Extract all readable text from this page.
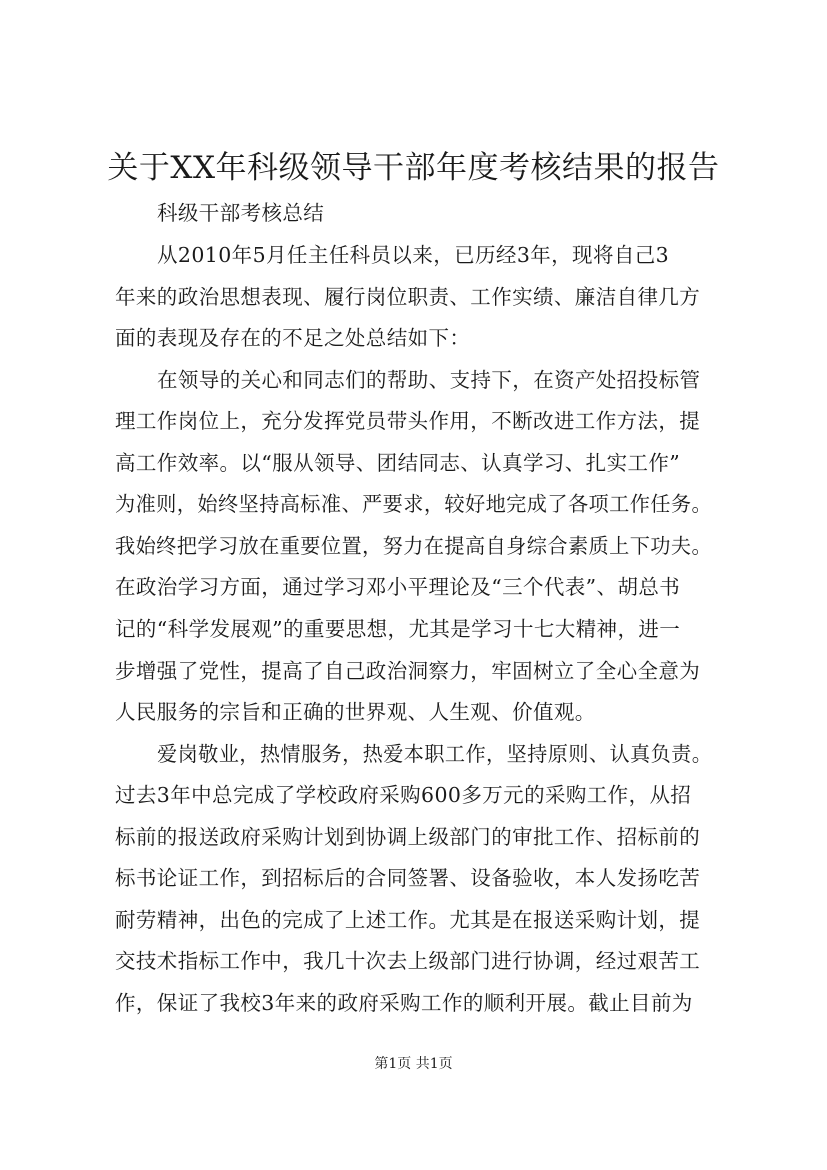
关于XX年科级领导干部年度考核结果的报告
科级干部考核总结
从2010年5月任主任科员以来，已历经3年，现将自己3
年来的政治思想表现、履行岗位职责、工作实绩、廉洁自律几方
面的表现及存在的不足之处总结如下：
在领导的关心和同志们的帮助、支持下，在资产处招投标管
理工作岗位上，充分发挥党员带头作用，不断改进工作方法，提
高工作效率。以“服从领导、团结同志、认真学习、扎实工作”
为准则，始终坚持高标准、严要求，较好地完成了各项工作任务。
我始终把学习放在重要位置，努力在提高自身综合素质上下功夫。
在政治学习方面，通过学习邓小平理论及“三个代表”、胡总书
记的“科学发展观”的重要思想，尤其是学习十七大精神，进一
步增强了党性，提高了自己政治洞察力，牢固树立了全心全意为
人民服务的宗旨和正确的世界观、人生观、价值观。
爱岗敬业，热情服务，热爱本职工作，坚持原则、认真负责。
过去3年中总完成了学校政府采购600多万元的采购工作，从招
标前的报送政府采购计划到协调上级部门的审批工作、招标前的
标书论证工作，到招标后的合同签署、设备验收，本人发扬吃苦
耐劳精神，出色的完成了上述工作。尤其是在报送采购计划，提
交技术指标工作中，我几十次去上级部门进行协调，经过艰苦工
作，保证了我校3年来的政府采购工作的顺利开展。截止目前为
第1页 共1页
